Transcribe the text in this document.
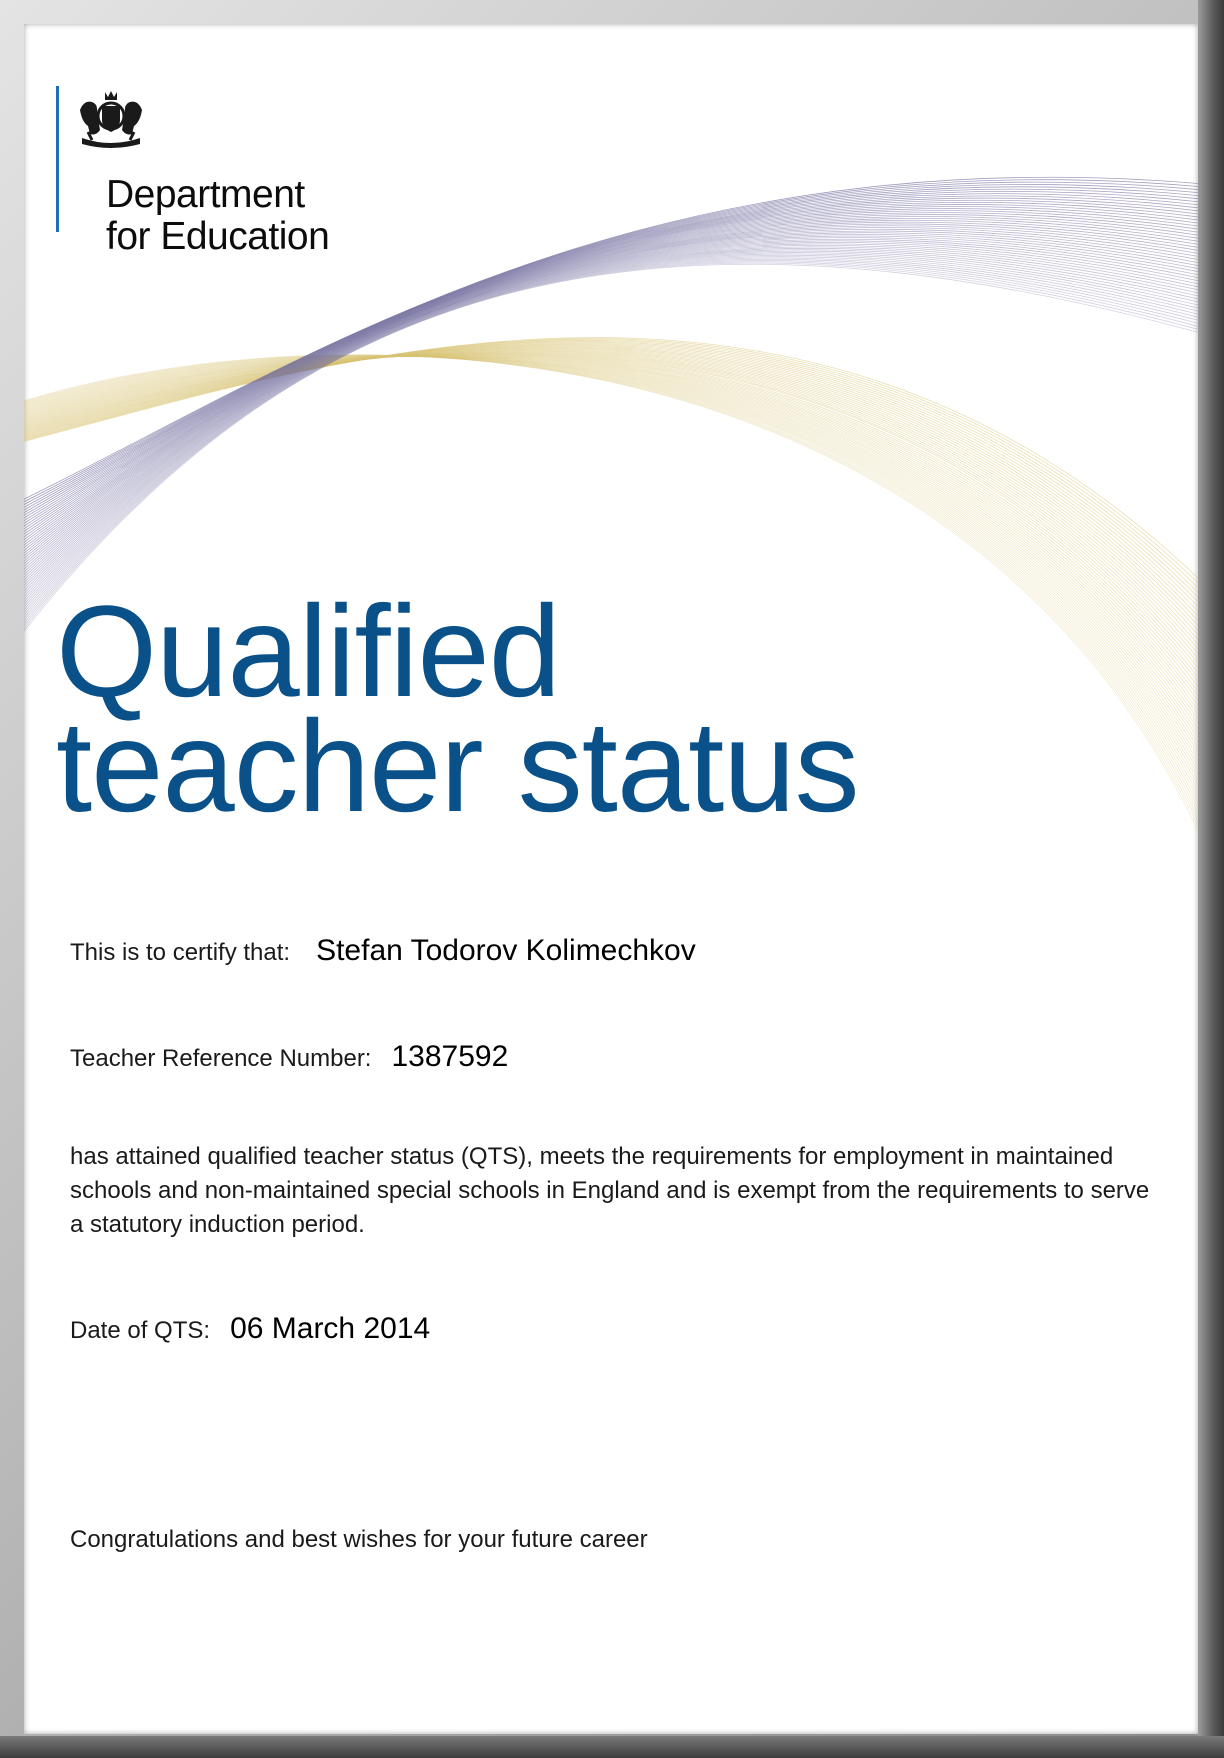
Department
for Education
Qualified
teacher status
This is to certify that: Stefan Todorov Kolimechkov
Teacher Reference Number: 1387592

has attained qualified teacher status (QTS), meets the requirements for employment in maintained schools and non-maintained special schools in England and is exempt from the requirements to serve a statutory induction period.

Date of QTS: 06 March 2014
Congratulations and best wishes for your future career
